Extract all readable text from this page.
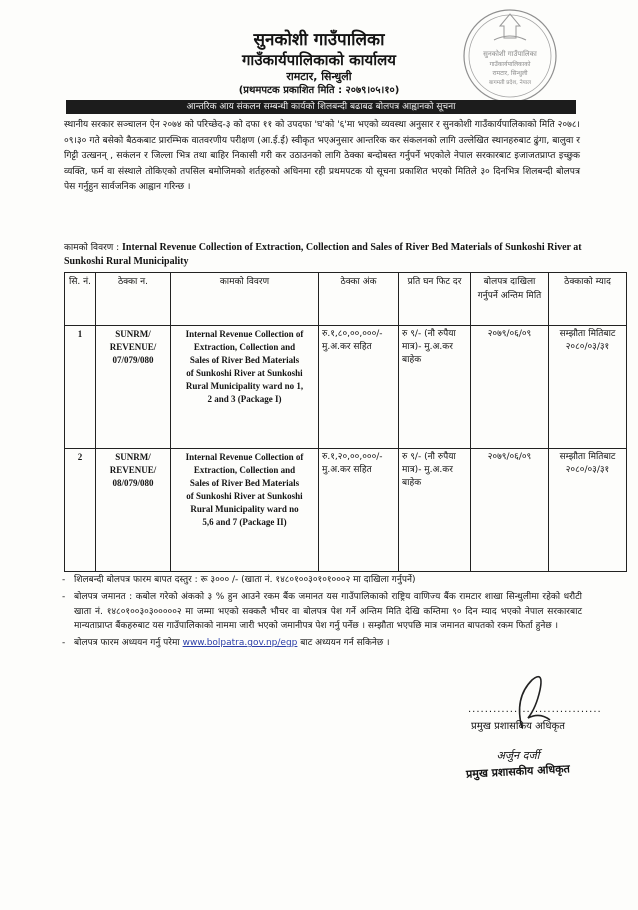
सुनकोशी गाउँपालिका
गाउँकार्यपालिकाको कार्यालय
रामटार, सिन्धुली
(प्रथमपटक प्रकाशित मिति : २०७९।०५।१०)
सुनकोशी गाउँपालिका
गाउँकार्यपालिकाको
रामटार, सिन्धुली
बागमती प्रदेश, नेपाल
आन्तरिक आय संकलन सम्बन्धी कार्यको शिलबन्दी बढाबढ बोलपत्र आह्वानको सूचना
स्थानीय सरकार सञ्चालन ऐन २०७४ को परिच्छेद-३ को दफा ११ को उपदफा 'घ'को '६'मा भएको व्यवस्था अनुसार र सुनकोशी गाउँकार्यपालिकाको मिति २०७८।०९।३० गते बसेको बैठकबाट प्रारम्भिक वातवरणीय परीक्षण (आ.ई.ई) स्वीकृत भएअनुसार आन्तरिक कर संकलनको लागि उल्लेखित स्थानहरुबाट ढुंगा, बालुवा र गिट्टी उत्खनन् , सकंलन र जिल्ला भित्र तथा बाहिर निकासी गरी कर उठाउनको लागि ठेक्का बन्दोबस्त गर्नुपर्ने भएकोले नेपाल सरकारबाट इजाजतप्राप्त इच्छुक व्यक्ति, फर्म वा संस्थाले तोकिएको तपसिल बमोजिमको शर्तहरुको अधिनमा रही प्रथमपटक यो सूचना प्रकाशित भएको मितिले ३० दिनभित्र शिलबन्दी बोलपत्र पेस गर्नुहुन सार्वजनिक आह्वान गरिन्छ ।
कामको विवरण : Internal Revenue Collection of Extraction, Collection and Sales of River Bed Materials of Sunkoshi River at Sunkoshi Rural Municipality
सि. नं.	ठेक्का न.	कामको विवरण	ठेक्का अंक	प्रति घन फिट दर	बोलपत्र दाखिला गर्नुपर्ने अन्तिम मिति	ठेक्काको म्याद
1	SUNRM/ REVENUE/ 07/079/080	Internal Revenue Collection of Extraction, Collection and Sales of River Bed Materials of Sunkoshi River at Sunkoshi Rural Municipality ward no 1, 2 and 3 (Package I)	रु.१,८०,००,०००/- मु.अ.कर सहित	रु ९/- (नौ रुपैया मात्र)- मु.अ.कर बाहेक	२०७९/०६/०९	सम्झौता मितिबाट २०८०/०३/३१
2	SUNRM/ REVENUE/ 08/079/080	Internal Revenue Collection of Extraction, Collection and Sales of River Bed Materials of Sunkoshi River at Sunkoshi Rural Municipality ward no 5,6 and 7 (Package II)	रु.१,२०,००,०००/- मु.अ.कर सहित	रु ९/- (नौ रुपैया मात्र)- मु.अ.कर बाहेक	२०७९/०६/०९	सम्झौता मितिबाट २०८०/०३/३१
- शिलबन्दी बोलपत्र फारम बापत दस्तुर : रू ३००० /- (खाता नं. १४८०१००३०१०१०००२ मा दाखिला गर्नुपर्ने)
- बोलपत्र जमानत : कबोल गरेको अंकको ३ % हुन आउने रकम बैंक जमानत यस गाउँपालिकाको राष्ट्रिय वाणिज्य बैंक रामटार शाखा सिन्धुलीमा रहेको धरौटी खाता नं. १४८०१००३०३०००००२ मा जम्मा भएको सक्कलै भौचर वा बोलपत्र पेश गर्ने अन्तिम मिति देखि कम्तिमा ९० दिन म्याद भएको नेपाल सरकारबाट मान्यताप्राप्त बैंकहरुबाट यस गाउँपालिकाको नाममा जारी भएको जमानीपत्र पेश गर्नु पर्नेछ । सम्झौता भएपछि मात्र जमानत बापतको रकम फिर्ता हुनेछ ।
- बोलपत्र फारम अध्ययन गर्नु परेमा www.bolpatra.gov.np/egp बाट अध्ययन गर्न सकिनेछ ।
................................
प्रमुख प्रशासकिय अधिकृत
अर्जुन दर्जी
प्रमुख प्रशासकीय अधिकृत
